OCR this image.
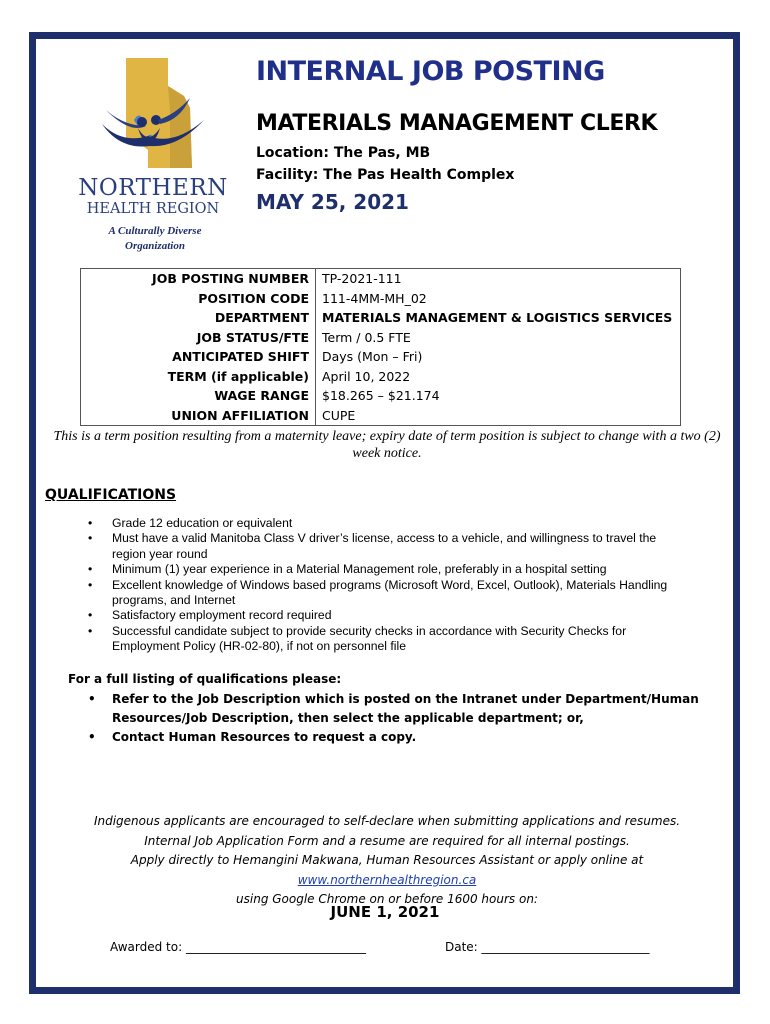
NORTHERN
HEALTH REGION
A Culturally Diverse Organization
INTERNAL JOB POSTING
MATERIALS MANAGEMENT CLERK
Location: The Pas, MB
Facility: The Pas Health Complex
MAY 25, 2021
JOB POSTING NUMBER	TP-2021-111
POSITION CODE	111-4MM-MH_02
DEPARTMENT	MATERIALS MANAGEMENT & LOGISTICS SERVICES
JOB STATUS/FTE	Term / 0.5 FTE
ANTICIPATED SHIFT	Days (Mon – Fri)
TERM (if applicable)	April 10, 2022
WAGE RANGE	$18.265 – $21.174
UNION AFFILIATION	CUPE
This is a term position resulting from a maternity leave; expiry date of term position is subject to change with a two (2) week notice.
QUALIFICATIONS
• Grade 12 education or equivalent
• Must have a valid Manitoba Class V driver’s license, access to a vehicle, and willingness to travel the region year round
• Minimum (1) year experience in a Material Management role, preferably in a hospital setting
• Excellent knowledge of Windows based programs (Microsoft Word, Excel, Outlook), Materials Handling programs, and Internet
• Satisfactory employment record required
• Successful candidate subject to provide security checks in accordance with Security Checks for Employment Policy (HR-02-80), if not on personnel file
For a full listing of qualifications please:
• Refer to the Job Description which is posted on the Intranet under Department/Human Resources/Job Description, then select the applicable department; or,
• Contact Human Resources to request a copy.
Indigenous applicants are encouraged to self-declare when submitting applications and resumes.
Internal Job Application Form and a resume are required for all internal postings.
Apply directly to Hemangini Makwana, Human Resources Assistant or apply online at www.northernhealthregion.ca
using Google Chrome on or before 1600 hours on:
JUNE 1, 2021
Awarded to: ______________________________	Date: ____________________________
